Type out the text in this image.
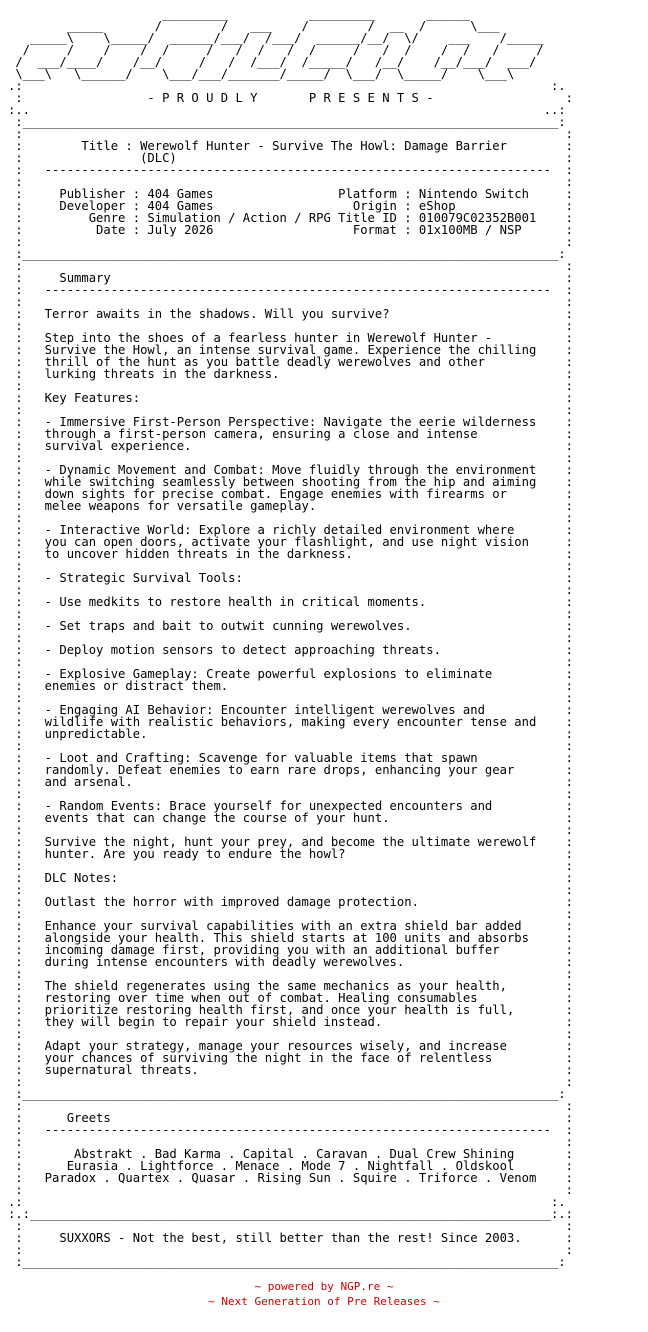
_________           _________       ______
_____       /        /   ___    /        /  __  /      \___
_____\    \_____/  ______/___/  /___/  ______/__/  \/    ___    /_____
/     /    /    /  /     /   /  /   /  /     /   /  /    /  /   /     /
/  ___/____/    /__/     /   /  /___/  /_____/   /__/    /__/___/  ___/
\___\   \______/    \___/___/_______/_____/  \___/  \_____/    \___\
.:                                                                        :.
:                 - P R O U D L Y       P R E S E N T S -                  :
:..                                                                      ..:
:_________________________________________________________________________:
:                                                                          :
:        Title : Werewolf Hunter - Survive The Howl: Damage Barrier        :
:                (DLC)                                                     :
:   ---------------------------------------------------------------------  :
:                                                                          :
:     Publisher : 404 Games                 Platform : Nintendo Switch     :
:     Developer : 404 Games                   Origin : eShop               :
:         Genre : Simulation / Action / RPG Title ID : 010079C02352B001    :
:          Date : July 2026                   Format : 01x100MB / NSP      :
:                                                                          :
:_________________________________________________________________________:
:                                                                          :
:     Summary                                                              :
:   ---------------------------------------------------------------------  :
:                                                                          :
:   Terror awaits in the shadows. Will you survive?                        :
:                                                                          :
:   Step into the shoes of a fearless hunter in Werewolf Hunter -          :
:   Survive the Howl, an intense survival game. Experience the chilling    :
:   thrill of the hunt as you battle deadly werewolves and other           :
:   lurking threats in the darkness.                                       :
:                                                                          :
:   Key Features:                                                          :
:                                                                          :
:   - Immersive First-Person Perspective: Navigate the eerie wilderness    :
:   through a first-person camera, ensuring a close and intense            :
:   survival experience.                                                   :
:                                                                          :
:   - Dynamic Movement and Combat: Move fluidly through the environment    :
:   while switching seamlessly between shooting from the hip and aiming    :
:   down sights for precise combat. Engage enemies with firearms or        :
:   melee weapons for versatile gameplay.                                  :
:                                                                          :
:   - Interactive World: Explore a richly detailed environment where       :
:   you can open doors, activate your flashlight, and use night vision     :
:   to uncover hidden threats in the darkness.                             :
:                                                                          :
:   - Strategic Survival Tools:                                            :
:                                                                          :
:   - Use medkits to restore health in critical moments.                   :
:                                                                          :
:   - Set traps and bait to outwit cunning werewolves.                     :
:                                                                          :
:   - Deploy motion sensors to detect approaching threats.                 :
:                                                                          :
:   - Explosive Gameplay: Create powerful explosions to eliminate          :
:   enemies or distract them.                                              :
:                                                                          :
:   - Engaging AI Behavior: Encounter intelligent werewolves and           :
:   wildlife with realistic behaviors, making every encounter tense and    :
:   unpredictable.                                                         :
:                                                                          :
:   - Loot and Crafting: Scavenge for valuable items that spawn            :
:   randomly. Defeat enemies to earn rare drops, enhancing your gear       :
:   and arsenal.                                                           :
:                                                                          :
:   - Random Events: Brace yourself for unexpected encounters and          :
:   events that can change the course of your hunt.                        :
:                                                                          :
:   Survive the night, hunt your prey, and become the ultimate werewolf    :
:   hunter. Are you ready to endure the howl?                              :
:                                                                          :
:   DLC Notes:                                                             :
:                                                                          :
:   Outlast the horror with improved damage protection.                    :
:                                                                          :
:   Enhance your survival capabilities with an extra shield bar added      :
:   alongside your health. This shield starts at 100 units and absorbs     :
:   incoming damage first, providing you with an additional buffer         :
:   during intense encounters with deadly werewolves.                      :
:                                                                          :
:   The shield regenerates using the same mechanics as your health,        :
:   restoring over time when out of combat. Healing consumables            :
:   prioritize restoring health first, and once your health is full,       :
:   they will begin to repair your shield instead.                         :
:                                                                          :
:   Adapt your strategy, manage your resources wisely, and increase        :
:   your chances of surviving the night in the face of relentless          :
:   supernatural threats.                                                  :
:                                                                          :
:_________________________________________________________________________:
:                                                                          :
:      Greets                                                              :
:   ---------------------------------------------------------------------  :
:                                                                          :
:       Abstrakt . Bad Karma . Capital . Caravan . Dual Crew Shining       :
:      Eurasia . Lightforce . Menace . Mode 7 . Nightfall . Oldskool       :
:   Paradox . Quartex . Quasar . Rising Sun . Squire . Triforce . Venom    :
:                                                                          :
.:                                                                        :.
:.:_______________________________________________________________________:.:
:                                                                          :
:     SUXXORS - Not the best, still better than the rest! Since 2003.      :
:                                                                          :
:_________________________________________________________________________:
~ powered by NGP.re ~
~ Next Generation of Pre Releases ~
